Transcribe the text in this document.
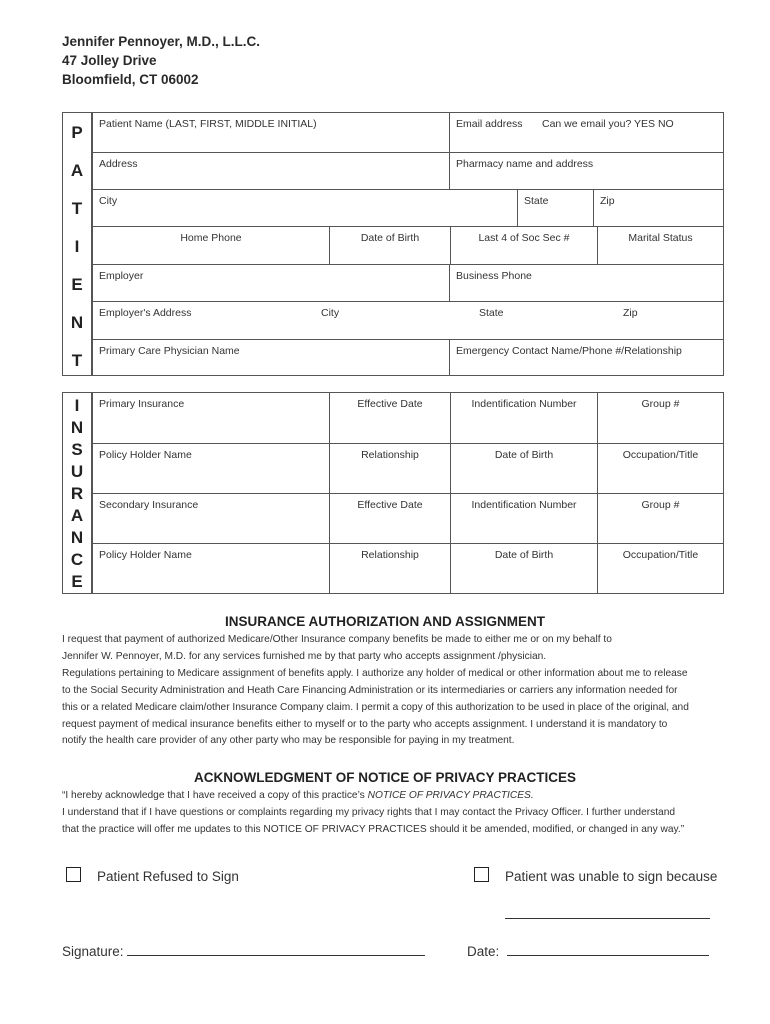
Jennifer Pennoyer, M.D., L.L.C.
47 Jolley Drive
Bloomfield, CT 06002
P
A
T
I
E
N
T
Patient Name (LAST, FIRST, MIDDLE INITIAL)	Email address Can we email you? YES NO
Address	Pharmacy name and address
City	State	Zip
Home Phone	Date of Birth	Last 4 of Soc Sec #	Marital Status
Employer	Business Phone
Employer's Address	City	State	Zip
Primary Care Physician Name	Emergency Contact Name/Phone #/Relationship
I
N
S
U
R
A
N
C
E
Primary Insurance	Effective Date	Indentification Number	Group #
Policy Holder Name	Relationship	Date of Birth	Occupation/Title
Secondary Insurance	Effective Date	Indentification Number	Group #
Policy Holder Name	Relationship	Date of Birth	Occupation/Title
INSURANCE AUTHORIZATION AND ASSIGNMENT

I request that payment of authorized Medicare/Other Insurance company benefits be made to either me or on my behalf to

Jennifer W. Pennoyer, M.D. for any services furnished me by that party who accepts assignment /physician.

Regulations pertaining to Medicare assignment of benefits apply. I authorize any holder of medical or other information about me to release

to the Social Security Administration and Heath Care Financing Administration or its intermediaries or carriers any information needed for

this or a related Medicare claim/other Insurance Company claim. I permit a copy of this authorization to be used in place of the original, and

request payment of medical insurance benefits either to myself or to the party who accepts assignment. I understand it is mandatory to

notify the health care provider of any other party who may be responsible for paying in my treatment.

ACKNOWLEDGMENT OF NOTICE OF PRIVACY PRACTICES

“I hereby acknowledge that I have received a copy of this practice’s NOTICE OF PRIVACY PRACTICES.

I understand that if I have questions or complaints regarding my privacy rights that I may contact the Privacy Officer. I further understand

that the practice will offer me updates to this NOTICE OF PRIVACY PRACTICES should it be amended, modified, or changed in any way.”

Patient Refused to Sign	Patient was unable to sign because
Signature:	Date:
